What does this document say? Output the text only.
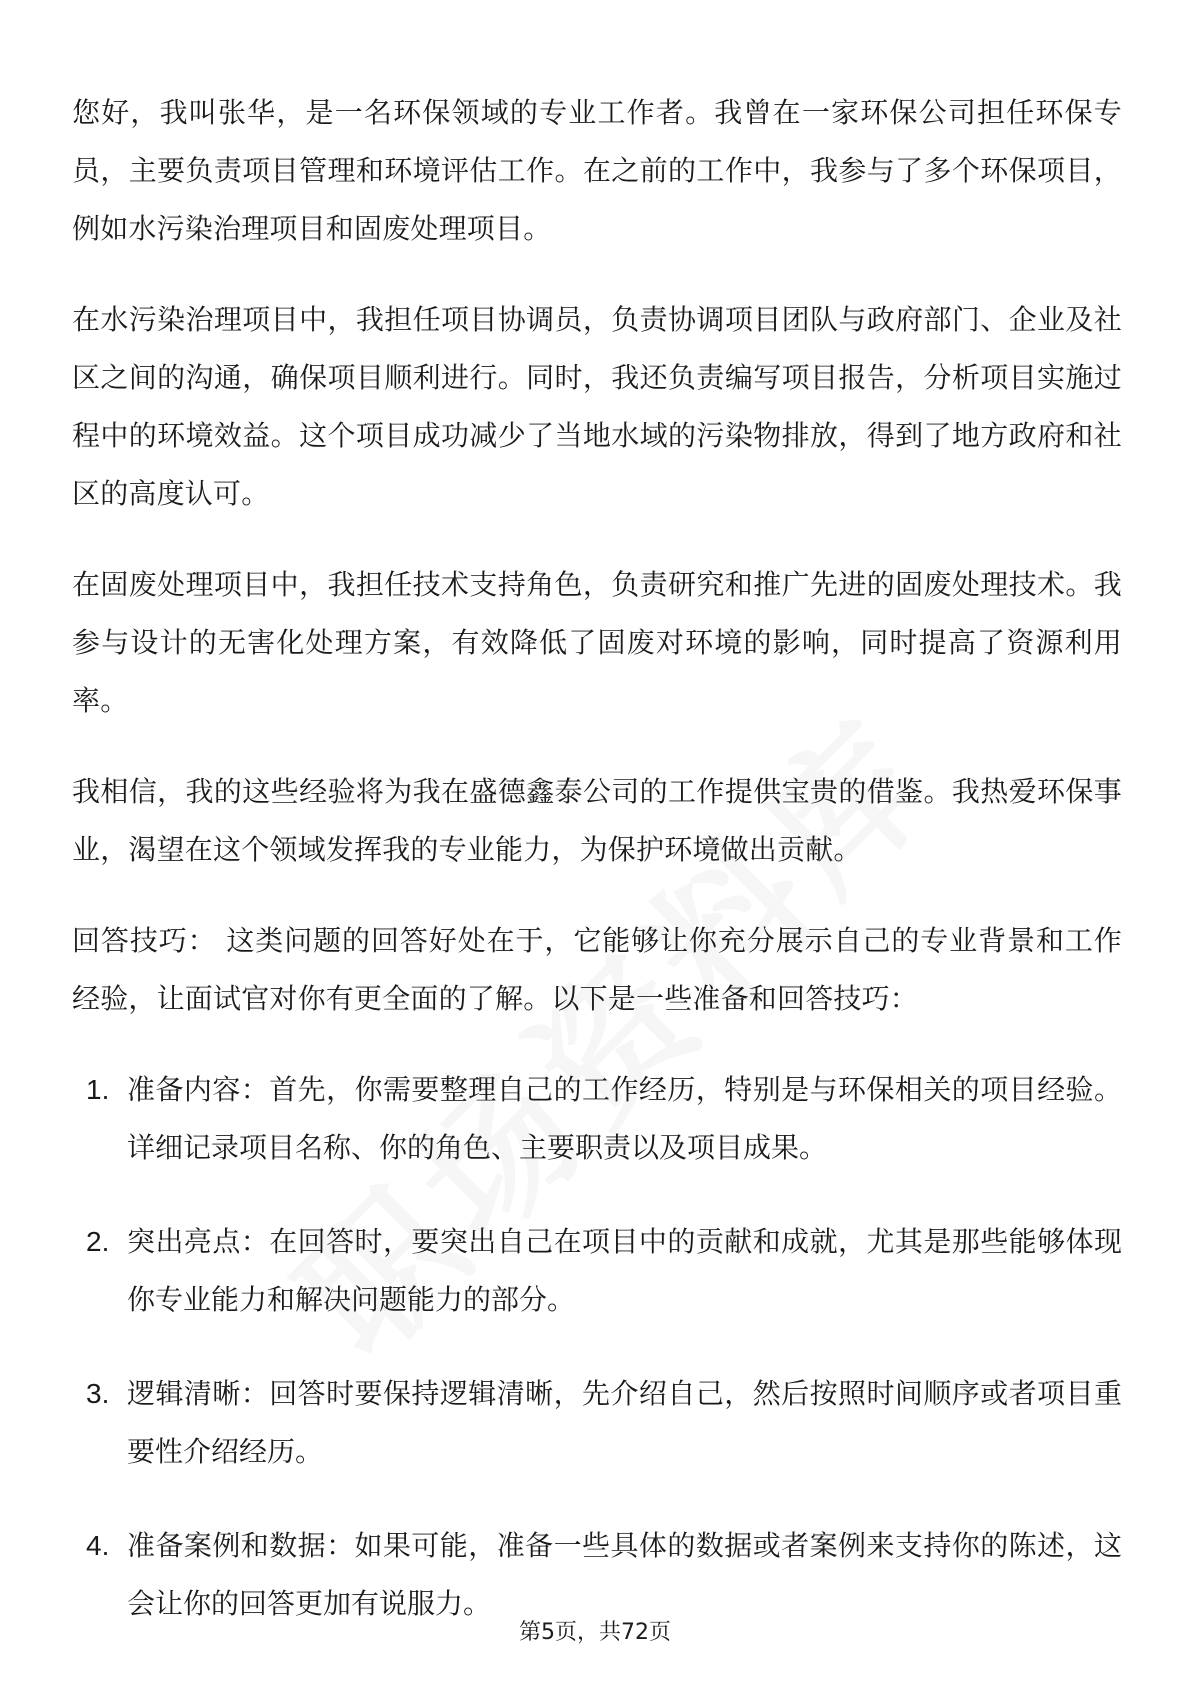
您好，我叫张华，是一名环保领域的专业工作者。我曾在一家环保公司担任环保专员，主要负责项目管理和环境评估工作。在之前的工作中，我参与了多个环保项目，例如水污染治理项目和固废处理项目。

在水污染治理项目中，我担任项目协调员，负责协调项目团队与政府部门、企业及社区之间的沟通，确保项目顺利进行。同时，我还负责编写项目报告，分析项目实施过程中的环境效益。这个项目成功减少了当地水域的污染物排放，得到了地方政府和社区的高度认可。

在固废处理项目中，我担任技术支持角色，负责研究和推广先进的固废处理技术。我参与设计的无害化处理方案，有效降低了固废对环境的影响，同时提高了资源利用率。

我相信，我的这些经验将为我在盛德鑫泰公司的工作提供宝贵的借鉴。我热爱环保事业，渴望在这个领域发挥我的专业能力，为保护环境做出贡献。

回答技巧： 这类问题的回答好处在于，它能够让你充分展示自己的专业背景和工作经验，让面试官对你有更全面的了解。以下是一些准备和回答技巧：

1. 准备内容：首先，你需要整理自己的工作经历，特别是与环保相关的项目经验。详细记录项目名称、你的角色、主要职责以及项目成果。
2. 突出亮点：在回答时，要突出自己在项目中的贡献和成就，尤其是那些能够体现你专业能力和解决问题能力的部分。
3. 逻辑清晰：回答时要保持逻辑清晰，先介绍自己，然后按照时间顺序或者项目重要性介绍经历。
4. 准备案例和数据：如果可能，准备一些具体的数据或者案例来支持你的陈述，这会让你的回答更加有说服力。
第5页，共72页
